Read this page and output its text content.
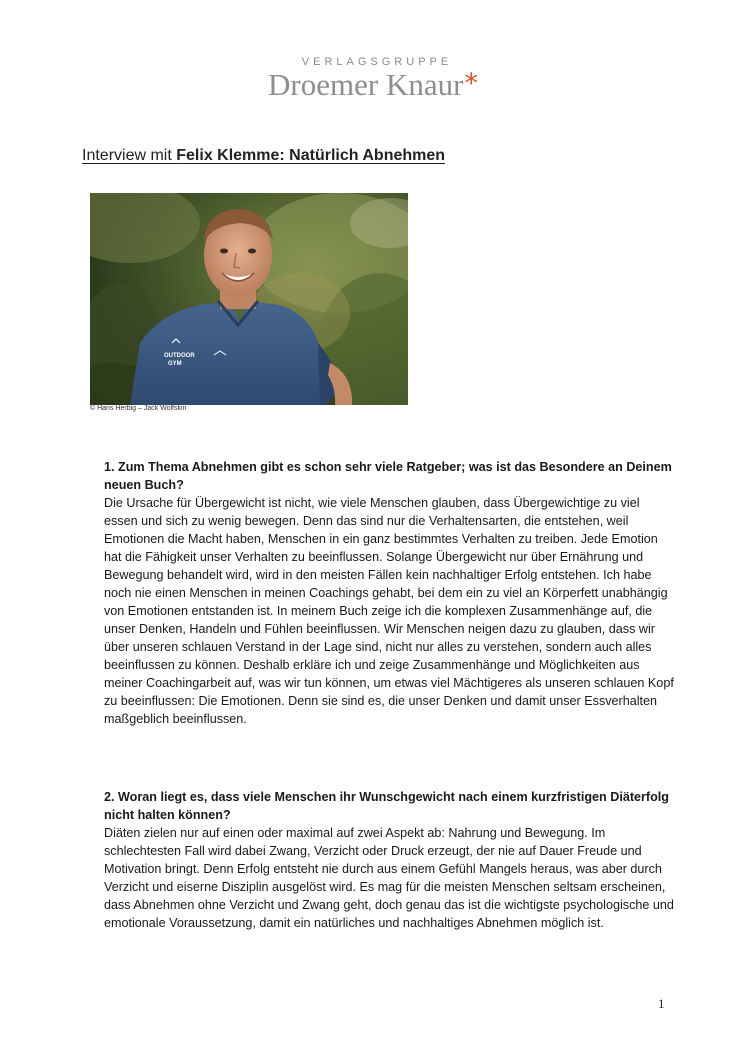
VERLAGSGRUPPE
Droemer Knaur*
Interview mit Felix Klemme: Natürlich Abnehmen
OUTDOOR
GYM
© Hans Herbig – Jack Wolfskin

1. Zum Thema Abnehmen gibt es schon sehr viele Ratgeber; was ist das Besondere an Deinem neuen Buch?

Die Ursache für Übergewicht ist nicht, wie viele Menschen glauben, dass Übergewichtige zu viel essen und sich zu wenig bewegen. Denn das sind nur die Verhaltensarten, die entstehen, weil Emotionen die Macht haben, Menschen in ein ganz bestimmtes Verhalten zu treiben. Jede Emotion hat die Fähigkeit unser Verhalten zu beeinflussen. Solange Übergewicht nur über Ernährung und Bewegung behandelt wird, wird in den meisten Fällen kein nachhaltiger Erfolg entstehen. Ich habe noch nie einen Menschen in meinen Coachings gehabt, bei dem ein zu viel an Körperfett unabhängig von Emotionen entstanden ist. In meinem Buch zeige ich die komplexen Zusammenhänge auf, die unser Denken, Handeln und Fühlen beeinflussen. Wir Menschen neigen dazu zu glauben, dass wir über unseren schlauen Verstand in der Lage sind, nicht nur alles zu verstehen, sondern auch alles beeinflussen zu können. Deshalb erkläre ich und zeige Zusammenhänge und Möglichkeiten aus meiner Coachingarbeit auf, was wir tun können, um etwas viel Mächtigeres als unseren schlauen Kopf zu beeinflussen: Die Emotionen. Denn sie sind es, die unser Denken und damit unser Essverhalten maßgeblich beeinflussen.

2. Woran liegt es, dass viele Menschen ihr Wunschgewicht nach einem kurzfristigen Diäterfolg nicht halten können?

Diäten zielen nur auf einen oder maximal auf zwei Aspekt ab: Nahrung und Bewegung. Im schlechtesten Fall wird dabei Zwang, Verzicht oder Druck erzeugt, der nie auf Dauer Freude und Motivation bringt. Denn Erfolg entsteht nie durch aus einem Gefühl Mangels heraus, was aber durch Verzicht und eiserne Disziplin ausgelöst wird. Es mag für die meisten Menschen seltsam erscheinen, dass Abnehmen ohne Verzicht und Zwang geht, doch genau das ist die wichtigste psychologische und emotionale Voraussetzung, damit ein natürliches und nachhaltiges Abnehmen möglich ist.

1
